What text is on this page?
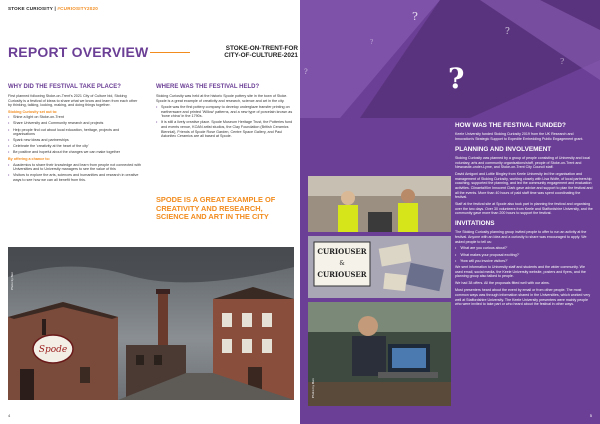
STOKE CURIOSITY | #CURIOSITY2020
REPORT OVERVIEW	STOKE-ON-TRENT-FOR
CITY-OF-CULTURE-2021
WHY DID THE FESTIVAL TAKE PLACE?
First planned following Stoke-on-Trent's 2021 City of Culture bid, Stoking Curiosity is a festival of ideas to share what we know and learn from each other by thinking, talking, looking, making, and doing things together.
Stoking Curiosity set out to:
• Shine a light on Stoke-on-Trent
• Share University and Community research and projects
• Help people find out about local education, heritage, projects and organisations
• Spark new ideas and partnerships
• Celebrate the 'creativity at the heart of the city'
• Be positive and hopeful about the changes we can make together
By offering a chance to:
• Academics to share their knowledge and learn from people not connected with Universities and to University managers to see the value of this
• Visitors to explore the arts, sciences and humanities and research in creative ways to see how we can all benefit from this.
WHERE WAS THE FESTIVAL HELD?
Stoking Curiosity was held at the historic Spode pottery site in the town of Stoke. Spode is a great example of creativity and research, science and art in the city.
• Spode was the first pottery company to develop underglaze transfer printing on earthenware and printed 'Willow' patterns, and a new type of porcelain known as 'bone china' in the 1790s.
• It is still a lively creative place. Spode Museum Heritage Trust, the Potteries fund and events venue, KOAN artist studios, the Clay Foundation (British Ceramics Biennial), Friends of Spode Rose Garden, Centre Space Gallery, and Paul Astonitec Ceramics are all based at Spode.
SPODE IS A GREAT EXAMPLE OF CREATIVITY AND RESEARCH, SCIENCE AND ART IN THE CITY
Spode
Photo by Ben
4
?
?
?
?
?
?
HOW WAS THE FESTIVAL FUNDED?
Keele University funded Stoking Curiosity 2019 from the UK Research and Innovation's Strategic Support to Expedite Embedding Public Engagement grant.
PLANNING AND INVOLVEMENT
Stoking Curiosity was planned by a group of people consisting of University and local voluntary, arts and community organisations/staff, people of Stoke-on-Trent and Newcastle-under-Lyme, and Stoke-on-Trent City Council staff.
David Amigoni and Lottie Bingley from Keele University led the organisation and management of Stoking Curiosity, working closely with Lisa Wolfe, of local partnership coaching, supported the planning, and led the community engagement and evaluation activities. Clinaeta/Kim Innocent Clark gave advice and support to plan the festival and all the events. More than 40 hours of paid staff time was spent coordinating the festival.
Staff at the festival site at Spode also took part in planning the festival and organising over the two days. Over 30 volunteers from Keele and Staffordshire University, and the community gave more than 200 hours to support the festival.
INVITATIONS
The Stoking Curiosity planning group invited people to offer to run an activity at the festival. Anyone with an idea and a curiosity to share was encouraged to apply. We asked people to tell us:
• 'What are you curious about?'
• 'What makes your proposal exciting?'
• 'How will you involve visitors?'
We sent information to University staff and students and the wider community. We used email, social media, the Keele University website, posters and flyers, and the planning group also talked to people.
We had 38 offers. All the proposals fitted well with our aims.
Most presenters heard about the event by email or from other people. The most common ways was through information shared in the Universities, which worked very well at Staffordshire University. The Keele University presenters were mainly people who were invited to take part or who heard about the festival in other ways.
CURIOUSER
&
CURIOUSER
Photo by Ben
5
